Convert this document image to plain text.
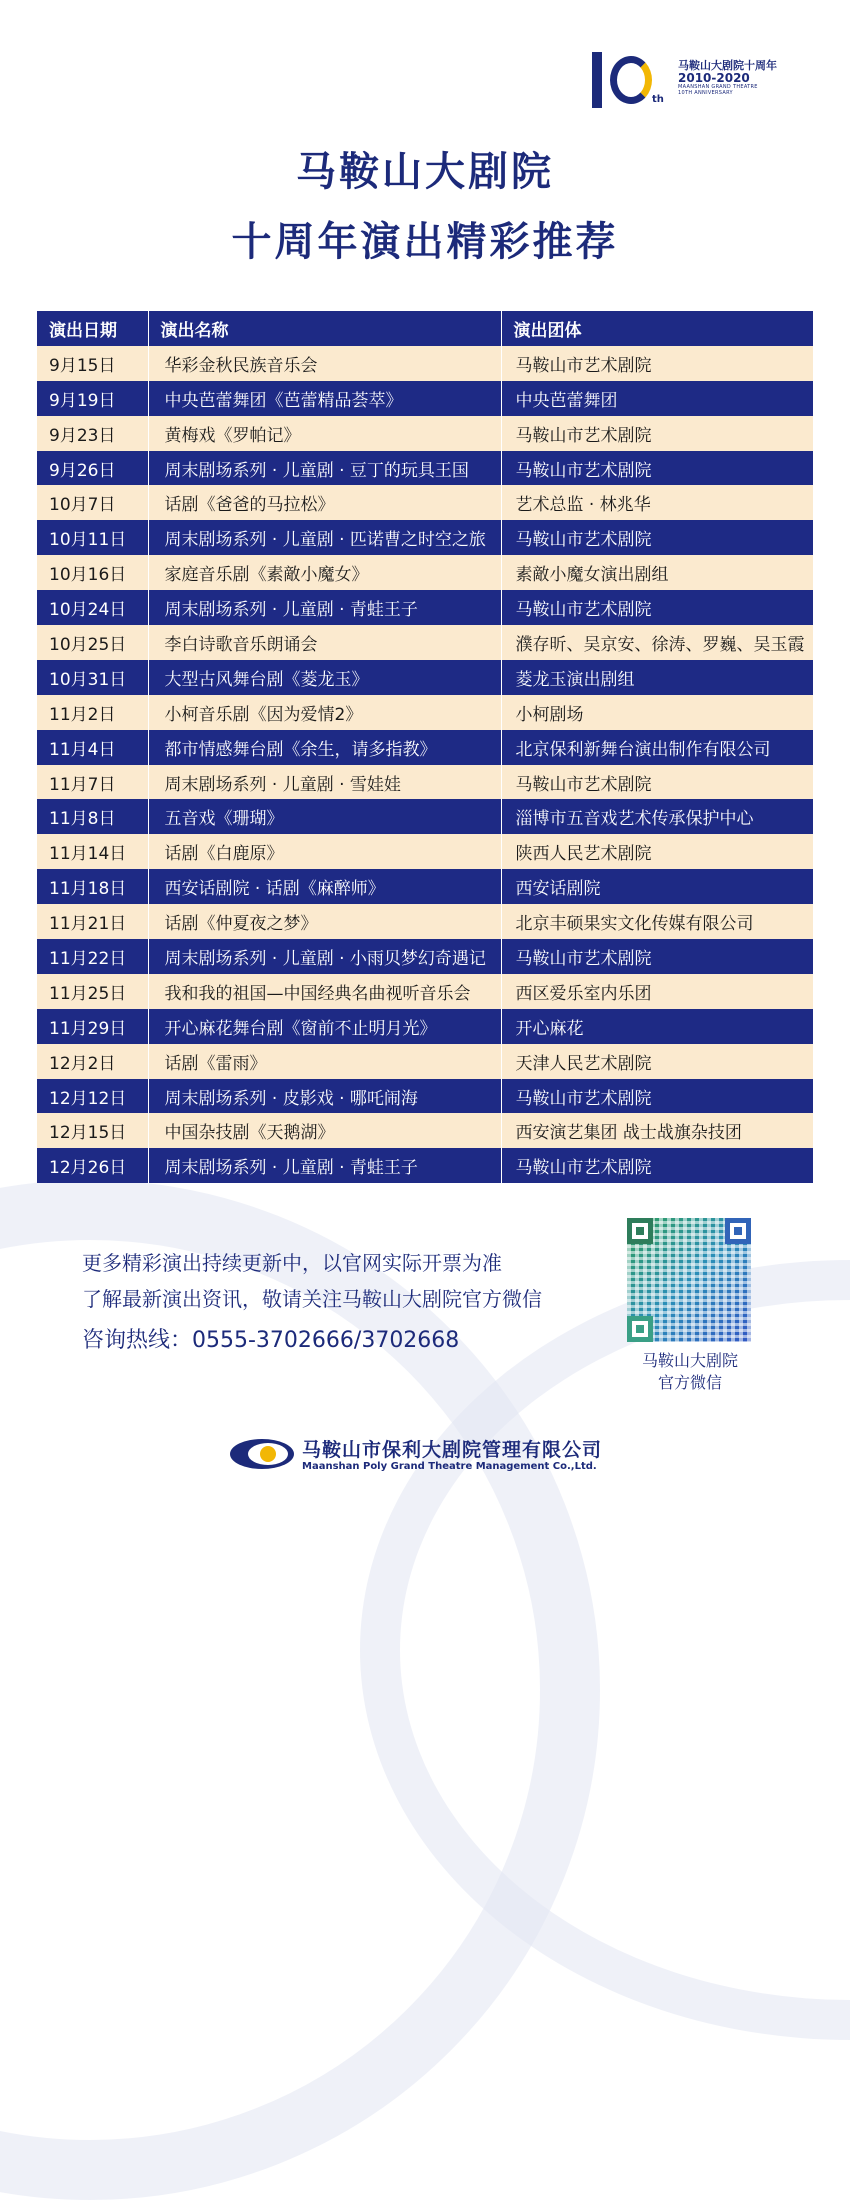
th
马鞍山大剧院十周年
2010-2020
MAANSHAN GRAND THEATRE
10TH ANNIVERSARY
马鞍山大剧院
十周年演出精彩推荐
演出日期	演出名称	演出团体
9月15日	华彩金秋民族音乐会	马鞍山市艺术剧院
9月19日	中央芭蕾舞团《芭蕾精品荟萃》	中央芭蕾舞团
9月23日	黄梅戏《罗帕记》	马鞍山市艺术剧院
9月26日	周末剧场系列 · 儿童剧 · 豆丁的玩具王国	马鞍山市艺术剧院
10月7日	话剧《爸爸的马拉松》	艺术总监 · 林兆华
10月11日	周末剧场系列 · 儿童剧 · 匹诺曹之时空之旅	马鞍山市艺术剧院
10月16日	家庭音乐剧《素敵小魔女》	素敵小魔女演出剧组
10月24日	周末剧场系列 · 儿童剧 · 青蛙王子	马鞍山市艺术剧院
10月25日	李白诗歌音乐朗诵会	濮存昕、吴京安、徐涛、罗巍、吴玉霞
10月31日	大型古风舞台剧《菱龙玉》	菱龙玉演出剧组
11月2日	小柯音乐剧《因为爱情2》	小柯剧场
11月4日	都市情感舞台剧《余生，请多指教》	北京保利新舞台演出制作有限公司
11月7日	周末剧场系列 · 儿童剧 · 雪娃娃	马鞍山市艺术剧院
11月8日	五音戏《珊瑚》	淄博市五音戏艺术传承保护中心
11月14日	话剧《白鹿原》	陕西人民艺术剧院
11月18日	西安话剧院 · 话剧《麻醉师》	西安话剧院
11月21日	话剧《仲夏夜之梦》	北京丰硕果实文化传媒有限公司
11月22日	周末剧场系列 · 儿童剧 · 小雨贝梦幻奇遇记	马鞍山市艺术剧院
11月25日	我和我的祖国—中国经典名曲视听音乐会	西区爱乐室内乐团
11月29日	开心麻花舞台剧《窗前不止明月光》	开心麻花
12月2日	话剧《雷雨》	天津人民艺术剧院
12月12日	周末剧场系列 · 皮影戏 · 哪吒闹海	马鞍山市艺术剧院
12月15日	中国杂技剧《天鹅湖》	西安演艺集团 战士战旗杂技团
12月26日	周末剧场系列 · 儿童剧 · 青蛙王子	马鞍山市艺术剧院

更多精彩演出持续更新中，以官网实际开票为准

了解最新演出资讯，敬请关注马鞍山大剧院官方微信

咨询热线：0555-3702666/3702668

马鞍山大剧院
官方微信
马鞍山市保利大剧院管理有限公司
Maanshan Poly Grand Theatre Management Co.,Ltd.
